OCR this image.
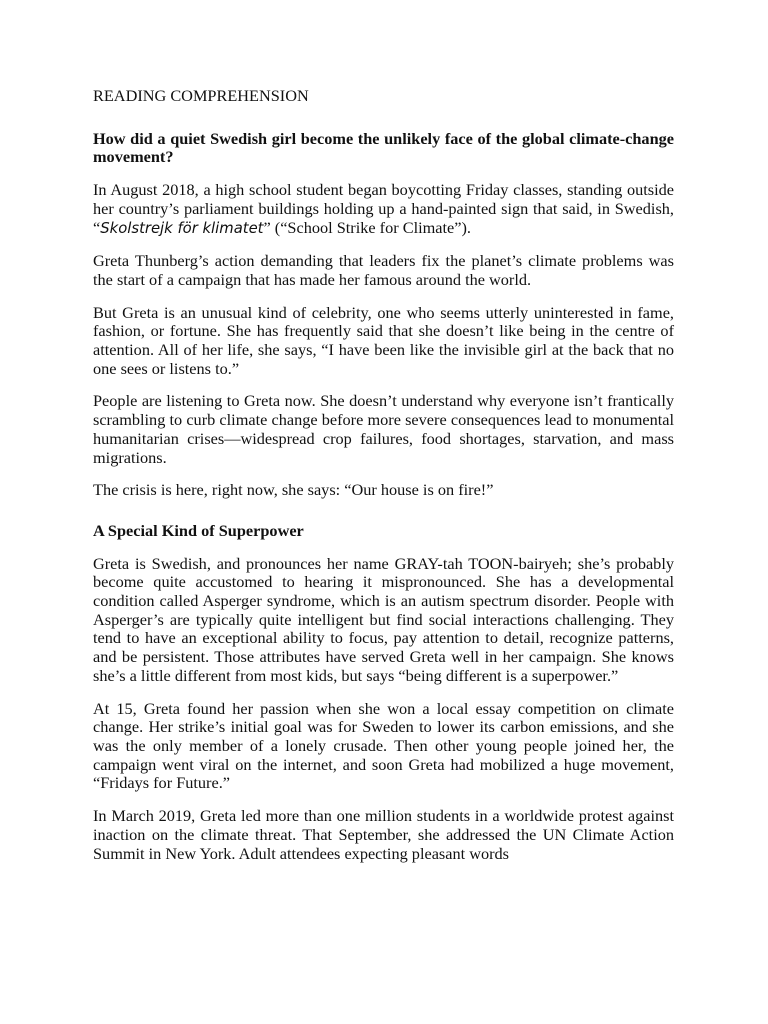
READING COMPREHENSION
How did a quiet Swedish girl become the unlikely face of the global climate-change movement?

In August 2018, a high school student began boycotting Friday classes, standing outside her country’s parliament buildings holding up a hand-painted sign that said, in Swedish, “Skolstrejk för klimatet” (“School Strike for Climate”).

Greta Thunberg’s action demanding that leaders fix the planet’s climate problems was the start of a campaign that has made her famous around the world.

But Greta is an unusual kind of celebrity, one who seems utterly uninterested in fame, fashion, or fortune. She has frequently said that she doesn’t like being in the centre of attention. All of her life, she says, “I have been like the invisible girl at the back that no one sees or listens to.”

People are listening to Greta now. She doesn’t understand why everyone isn’t frantically scrambling to curb climate change before more severe consequences lead to monumental humanitarian crises—widespread crop failures, food shortages, starvation, and mass migrations.

The crisis is here, right now, she says: “Our house is on fire!”

A Special Kind of Superpower

Greta is Swedish, and pronounces her name GRAY-tah TOON-bairyeh; she’s probably become quite accustomed to hearing it mispronounced. She has a developmental condition called Asperger syndrome, which is an autism spectrum disorder. People with Asperger’s are typically quite intelligent but find social interactions challenging. They tend to have an exceptional ability to focus, pay attention to detail, recognize patterns, and be persistent. Those attributes have served Greta well in her campaign. She knows she’s a little different from most kids, but says “being different is a superpower.”

At 15, Greta found her passion when she won a local essay competition on climate change. Her strike’s initial goal was for Sweden to lower its carbon emissions, and she was the only member of a lonely crusade. Then other young people joined her, the campaign went viral on the internet, and soon Greta had mobilized a huge movement, “Fridays for Future.”

In March 2019, Greta led more than one million students in a worldwide protest against inaction on the climate threat. That September, she addressed the UN Climate Action Summit in New York. Adult attendees expecting pleasant words
